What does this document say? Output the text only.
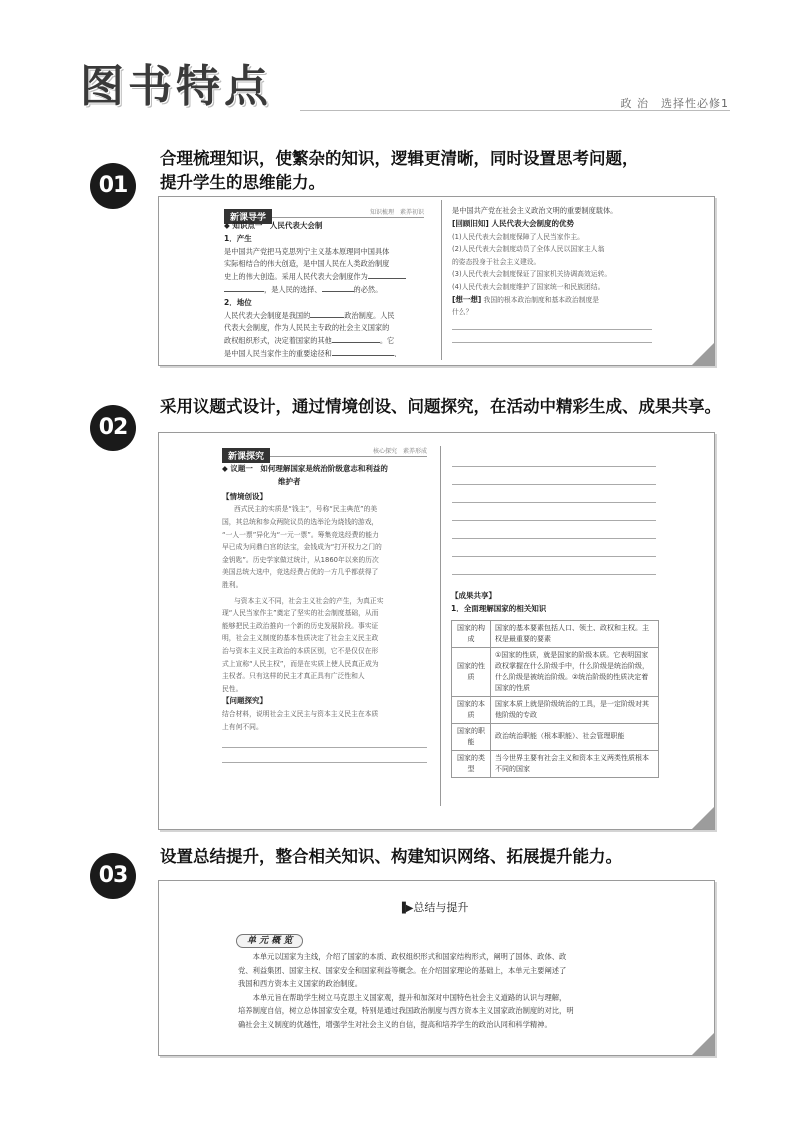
图书特点	政 治　选择性必修1
01
合理梳理知识，使繁杂的知识，逻辑更清晰，同时设置思考问题，
提升学生的思维能力。
新课导学
知识梳理　素养初识
◆ 知识点一　人民代表大会制
1．产生
是中国共产党把马克思列宁主义基本原理同中国具体
实际相结合的伟大创造，是中国人民在人类政治制度
史上的伟大创造。采用人民代表大会制度作为
，是人民的选择、	的必然。
2．地位
人民代表大会制度是我国的	政治制度。人民
代表大会制度，作为人民民主专政的社会主义国家的
政权组织形式，决定着国家的其他	。它
是中国人民当家作主的重要途径和	、
是中国共产党在社会主义政治文明的重要制度载体。
[回顾旧知] 人民代表大会制度的优势
(1)人民代表大会制度保障了人民当家作主。
(2)人民代表大会制度动员了全体人民以国家主人翁
的姿态投身于社会主义建设。
(3)人民代表大会制度保证了国家机关协调高效运转。
(4)人民代表大会制度维护了国家统一和民族团结。
[想一想] 我国的根本政治制度和基本政治制度是
什么？
02
采用议题式设计，通过情境创设、问题探究，在活动中精彩生成、成果共享。
新课探究
核心探究　素养形成
◆ 议题一　如何理解国家是统治阶级意志和利益的
维护者
【情境创设】
西式民主的实质是“钱主”，号称“民主典范”的美
国，其总统和参众两院议员的选举沦为烧钱的游戏，
“一人一票”异化为“一元一票”。筹集竞选经费的能力
早已成为问鼎白宫的法宝，金钱成为“打开权力之门的
金钥匙”。历史学家做过统计，从1860年以来的历次
美国总统大选中，竞选经费占优的一方几乎都获得了
胜利。
与资本主义不同，社会主义社会的产生，为真正实
现“人民当家作主”奠定了坚实的社会制度基础，从而
能够把民主政治推向一个新的历史发展阶段。事实证
明，社会主义制度的基本性质决定了社会主义民主政
治与资本主义民主政治的本质区别，它不是仅仅在形
式上宣称“人民主权”，而是在实质上使人民真正成为
主权者。只有这样的民主才真正具有广泛性和人
民性。
【问题探究】
结合材料，说明社会主义民主与资本主义民主在本质
上有何不同。
【成果共享】
1．全面理解国家的相关知识
国家的构成	国家的基本要素包括人口、领土、政权和主权。主权是最重要的要素
国家的性质	①国家的性质，就是国家的阶级本质。它表明国家政权掌握在什么阶级手中，什么阶级是统治阶级，什么阶级是被统治阶级。②统治阶级的性质决定着国家的性质
国家的本质	国家本质上就是阶级统治的工具，是一定阶级对其他阶级的专政
国家的职能	政治统治职能（根本职能）、社会管理职能
国家的类型	当今世界主要有社会主义和资本主义两类性质根本不同的国家
03
设置总结提升，整合相关知识、构建知识网络、拓展提升能力。
▐▶总结与提升
单 元 概 览
本单元以国家为主线，介绍了国家的本质、政权组织形式和国家结构形式，阐明了国体、政体、政
党、利益集团、国家主权、国家安全和国家利益等概念。在介绍国家理论的基础上，本单元主要阐述了
我国和西方资本主义国家的政治制度。
本单元旨在帮助学生树立马克思主义国家观，提升和加深对中国特色社会主义道路的认识与理解，
培养制度自信，树立总体国家安全观，特别是通过我国政治制度与西方资本主义国家政治制度的对比，明
确社会主义制度的优越性，增强学生对社会主义的自信，提高和培养学生的政治认同和科学精神。
